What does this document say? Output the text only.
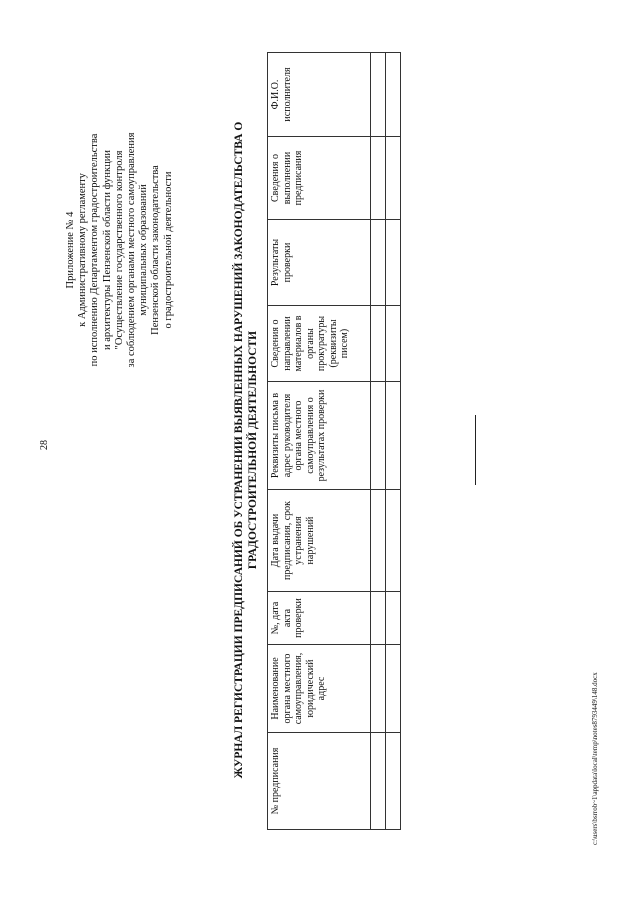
28
c:\users\bsrrob~1\appdata\local\temp\notes8793449\148.docx
Приложение № 4 к Административному регламенту по исполнению Департаментом градостроительства и архитектуры Пензенской области функции "Осуществление государственного контроля за соблюдением органами местного самоуправления муниципальных образований Пензенской области законодательства о градостроительной деятельности	ЖУРНАЛ РЕГИСТРАЦИИ ПРЕДПИСАНИЙ ОБ УСТРАНЕНИИ ВЫЯВЛЕННЫХ НАРУШЕНИЙ ЗАКОНОДАТЕЛЬСТВА О ГРАДОСТРОИТЕЛЬНОЙ ДЕЯТЕЛЬНОСТИ
№ предписания	Наименование органа местного самоуправления, юридический адрес	№, дата акта проверки	Дата выдачи предписания, срок устранения нарушений	Реквизиты письма в адрес руководителя органа местного самоуправления о результатах проверки	Сведения о направлении материалов в органы прокуратуры (реквизиты писем)	Результаты проверки	Сведения о выполнении предписания	Ф.И.О. исполнителя
